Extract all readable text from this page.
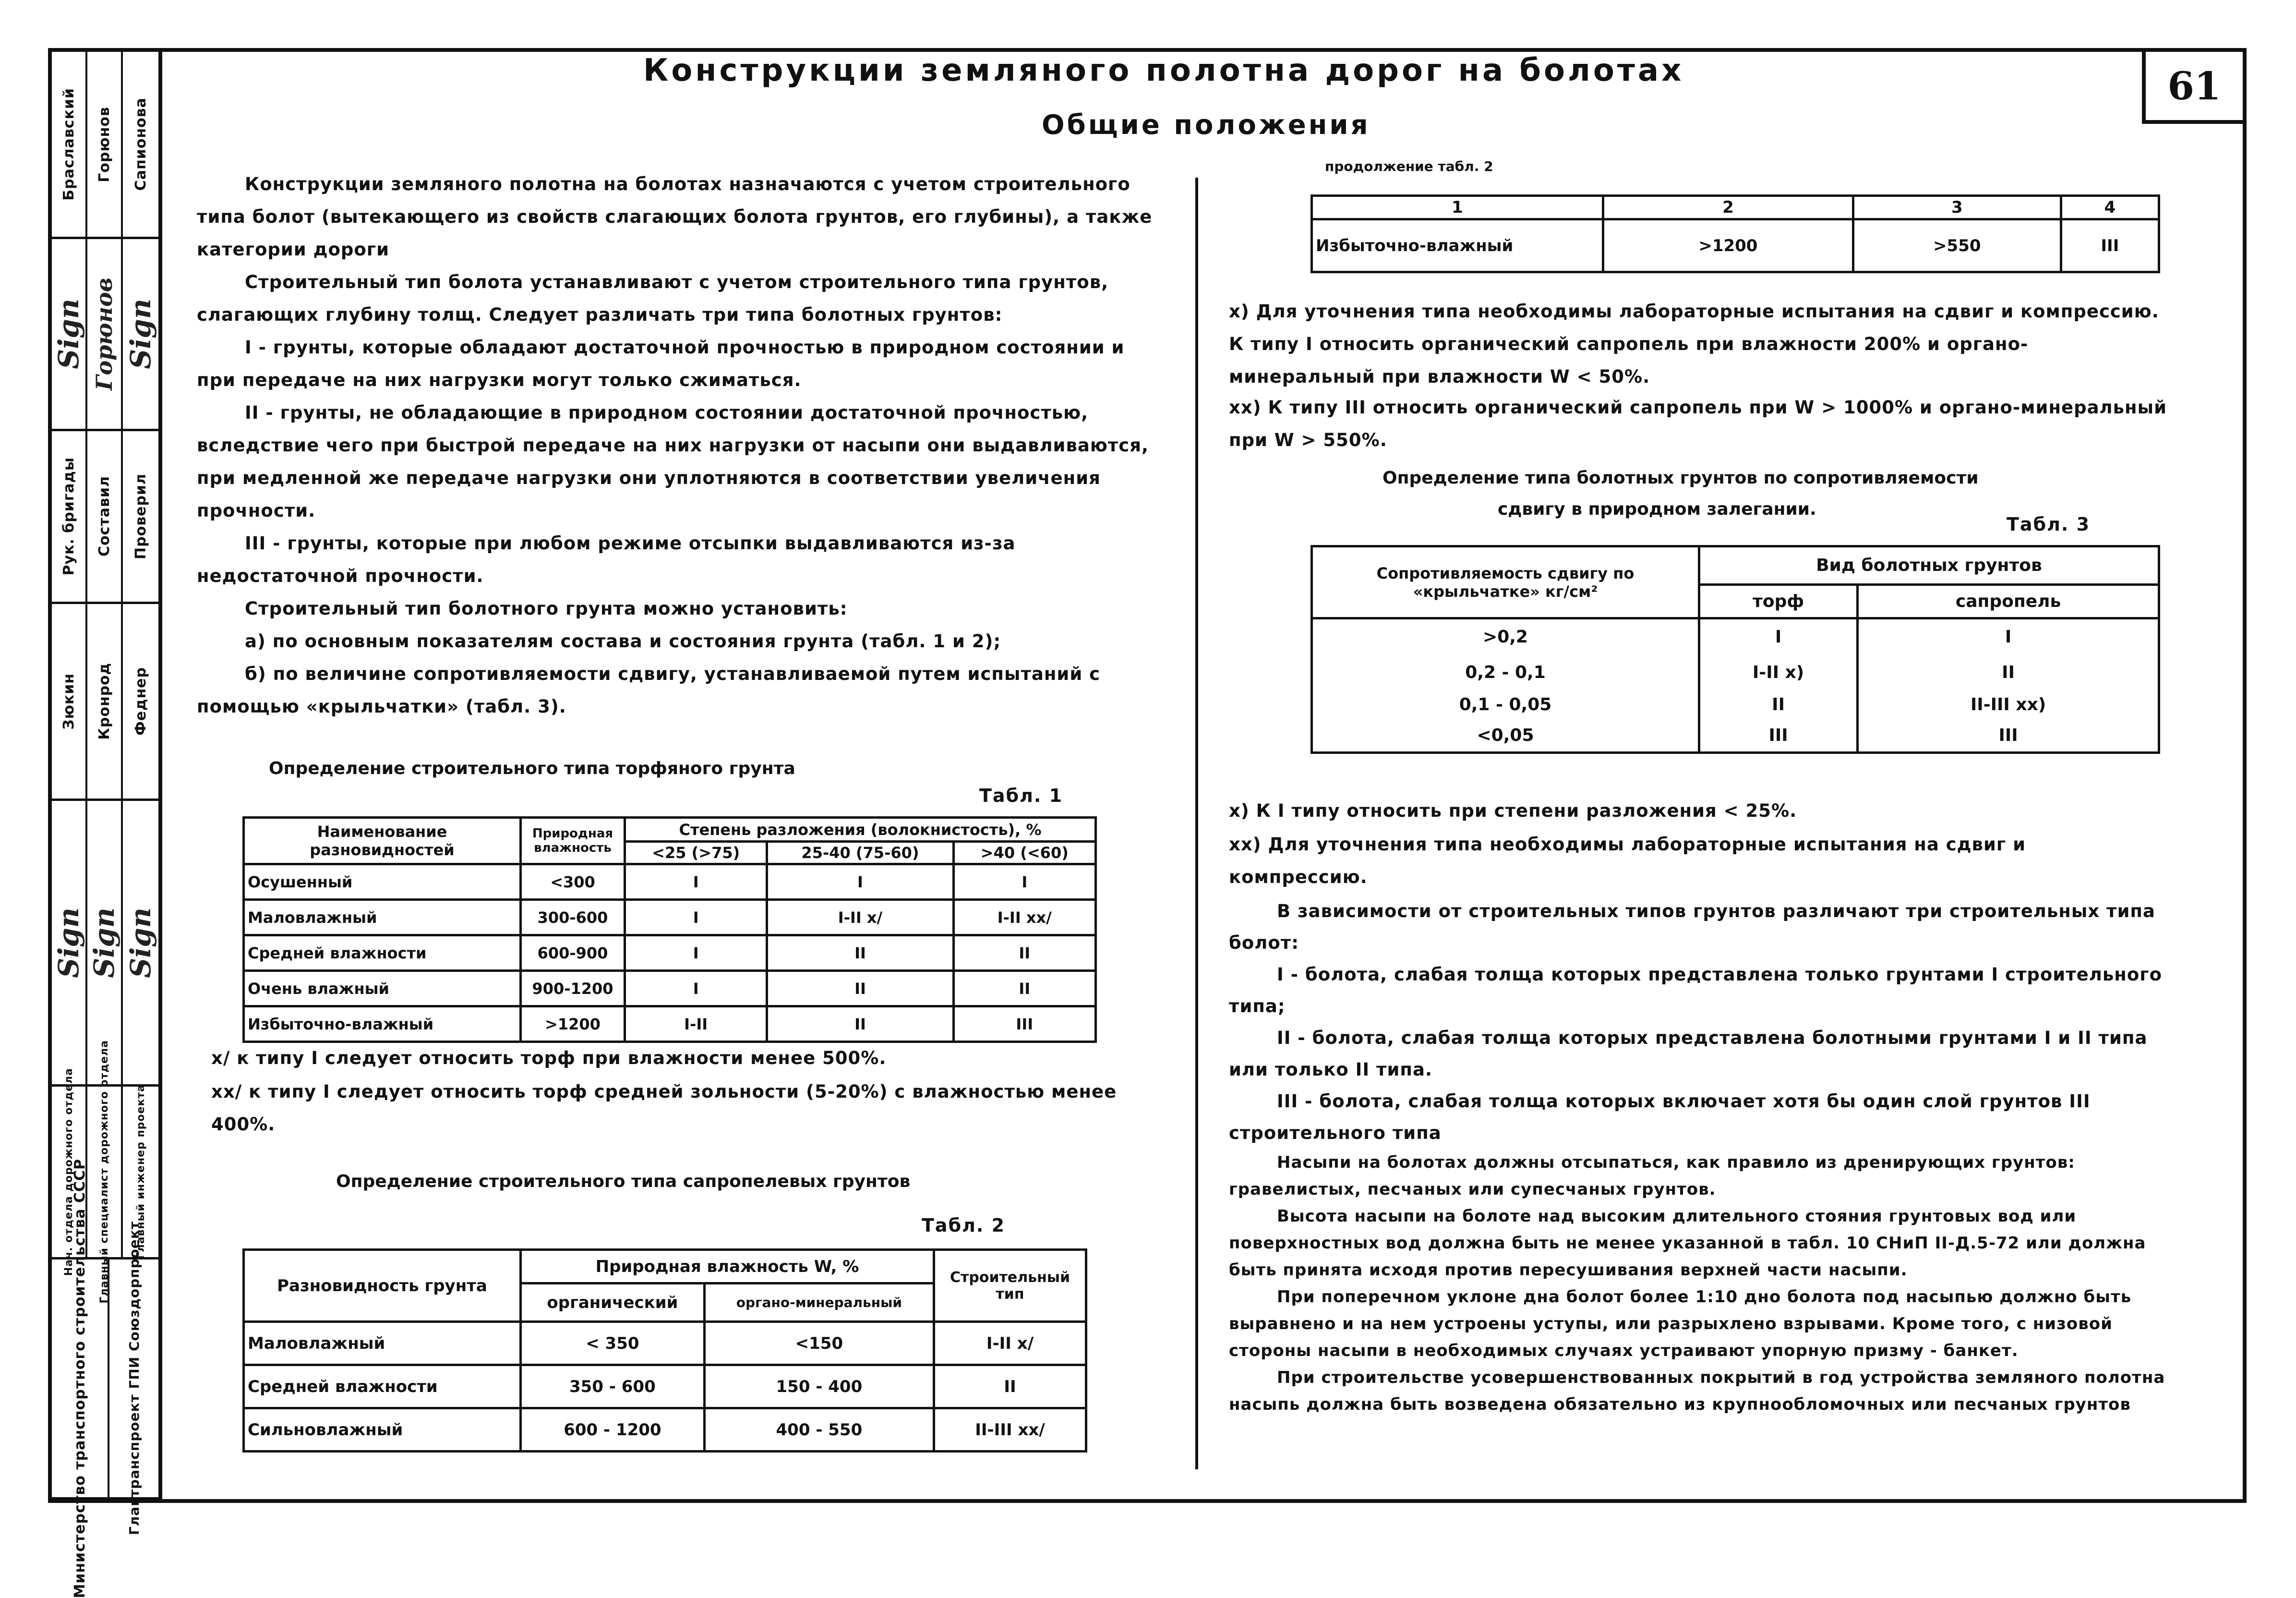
Министерство транспортного строительства СССР	Главтранспроект ГПИ Союздорпроект
Нач. отдела дорожного отдела Главный специалист дорожного отдела Главный инженер проекта
Sign Sign Sign
Зюкин Кронрод Феднер
Рук. бригады Составил Проверил
Sign Горюнов Sign
Браславский Горюнов Сапионова
61
Конструкции земляного полотна дорог на болотах
Общие положения

Конструкции земляного полотна на болотах назначаются с учетом строительного типа болот (вытекающего из свойств слагающих болота грунтов, его глубины), а также категории дороги

Строительный тип болота устанавливают с учетом строительного типа грунтов, слагающих глубину толщ. Следует различать три типа болотных грунтов:

I - грунты, которые обладают достаточной прочностью в природном состоянии и при передаче на них нагрузки могут только сжиматься.

II - грунты, не обладающие в природном состоянии достаточной прочностью, вследствие чего при быстрой передаче на них нагрузки от насыпи они выдавливаются, при медленной же передаче нагрузки они уплотняются в соответствии увеличения прочности.

III - грунты, которые при любом режиме отсыпки выдавливаются из-за недостаточной прочности.

Строительный тип болотного грунта можно установить:

а) по основным показателям состава и состояния грунта (табл. 1 и 2);

б) по величине сопротивляемости сдвигу, устанавливаемой путем испытаний с помощью «крыльчатки» (табл. 3).

Определение строительного типа торфяного грунта
Табл. 1
Наименование разновидностей	Природная влажность	Степень разложения (волокнистость), %		
		<25 (>75)	25-40 (75-60)	>40 (<60)
Осушенный	<300	I	I	I
Маловлажный	300-600	I	I-II х/	I-II хх/
Средней влажности	600-900	I	II	II
Очень влажный	900-1200	I	II	II
Избыточно-влажный	>1200	I-II	II	III
х/ к типу I следует относить торф при влажности менее 500%.
хх/ к типу I следует относить торф средней зольности (5-20%) с влажностью менее 400%.
Определение строительного типа сапропелевых грунтов
Табл. 2
Разновидность грунта	Природная влажность W, %		Строительный тип
	органический	органо-минеральный	
Маловлажный	< 350	<150	I-II х/
Средней влажности	350 - 600	150 - 400	II
Сильновлажный	600 - 1200	400 - 550	II-III хх/
продолжение табл. 2
1	2	3	4
Избыточно-влажный	>1200	>550	III
х) Для уточнения типа необходимы лабораторные испытания на сдвиг и компрессию. К типу I относить органический сапропель при влажности 200% и органо-минеральный при влажности W < 50%.
хх) К типу III относить органический сапропель при W > 1000% и органо-минеральный при W > 550%.
Определение типа болотных грунтов по сопротивляемости
сдвигу в природном залегании.
Табл. 3
Сопротивляемость сдвигу по «крыльчатке» кг/см²	Вид болотных грунтов	
	торф	сапропель
>0,2	I	I
0,2 - 0,1	I-II х)	II
0,1 - 0,05	II	II-III хх)
<0,05	III	III
х) К I типу относить при степени разложения < 25%.
хх) Для уточнения типа необходимы лабораторные испытания на сдвиг и компрессию.

В зависимости от строительных типов грунтов различают три строительных типа болот:

I - болота, слабая толща которых представлена только грунтами I строительного типа;

II - болота, слабая толща которых представлена болотными грунтами I и II типа или только II типа.

III - болота, слабая толща которых включает хотя бы один слой грунтов III строительного типа

Насыпи на болотах должны отсыпаться, как правило из дренирующих грунтов: гравелистых, песчаных или супесчаных грунтов.

Высота насыпи на болоте над высоким длительного стояния грунтовых вод или поверхностных вод должна быть не менее указанной в табл. 10 СНиП II-Д.5-72 или должна быть принята исходя против пересушивания верхней части насыпи.

При поперечном уклоне дна болот более 1:10 дно болота под насыпью должно быть выравнено и на нем устроены уступы, или разрыхлено взрывами. Кроме того, с низовой стороны насыпи в необходимых случаях устраивают упорную призму - банкет.

При строительстве усовершенствованных покрытий в год устройства земляного полотна насыпь должна быть возведена обязательно из крупнообломочных или песчаных грунтов
